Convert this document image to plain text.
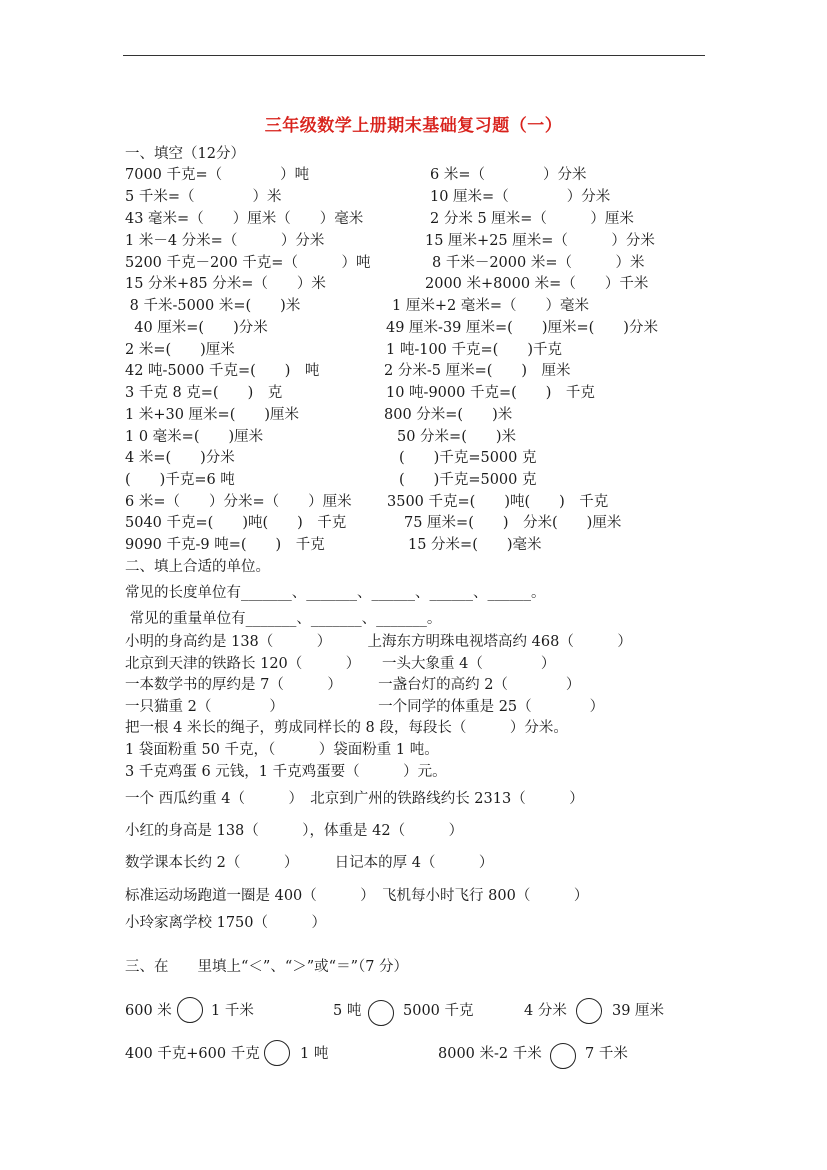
三年级数学上册期末基础复习题（一）
一、填空（12分）
7000 千克=（　　　　）吨	6 米=（　　　　）分米
5 千米=（　　　　）米	10 厘米=（　　　　）分米
43 毫米=（　　）厘米（　　）毫米	2 分米 5 厘米=（　　　）厘米
1 米－4 分米=（　　　）分米	15 厘米+25 厘米=（　　　）分米
5200 千克－200 千克=（　　　）吨	8 千米－2000 米=（　　　）米
15 分米+85 分米=（　　）米	2000 米+8000 米=（　　）千米
8 千米-5000 米=(　　)米	1 厘米+2 毫米=（　　）毫米
40 厘米=(　　)分米	49 厘米-39 厘米=(　　)厘米=(　　)分米
2 米=(　　)厘米	1 吨-100 千克=(　　)千克
42 吨-5000 千克=(　　)　吨	2 分米-5 厘米=(　　)　厘米
3 千克 8 克=(　　)　克	10 吨-9000 千克=(　　)　千克
1 米+30 厘米=(　　)厘米	800 分米=(　　)米
1 0 毫米=(　　)厘米	50 分米=(　　)米
4 米=(　　)分米	(　　)千克=5000 克
(　　)千克=6 吨	(　　)千克=5000 克
6 米=（　　）分米=（　　）厘米 3500 千克=(　　)吨(　　)　千克
5040 千克=(　　)吨(　　)　千克	75 厘米=(　　)　分米(　　)厘米
9090 千克-9 吨=(　　)　千克	15 分米=(　　)毫米
二、填上合适的单位。
常见的长度单位有_______、_______、______、______、______。
常见的重量单位有_______、_______、_______。
小明的身高约是 138（　　　）　　　上海东方明珠电视塔高约 468（　　　）
北京到天津的铁路长 120（　　　）　　一头大象重 4（　　　　）
一本数学书的厚约是 7（　　　）　　　一盏台灯的高约 2（　　　　）
一只猫重 2（　　　　）　　　　　　　一个同学的体重是 25（　　　　）
把一根 4 米长的绳子，剪成同样长的 8 段，每段长（　　　）分米。
1 袋面粉重 50 千克，（　　　）袋面粉重 1 吨。
3 千克鸡蛋 6 元钱，1 千克鸡蛋要（　　　）元。
一个 西瓜约重 4（　　　）　北京到广州的铁路线约长 2313（　　　）
小红的身高是 138（　　　），体重是 42（　　　）
数学课本长约 2（　　　）　　　日记本的厚 4（　　　）
标准运动场跑道一圈是 400（　　　）　飞机每小时飞行 800（　　　）
小玲家离学校 1750（　　　）
三、在　　里填上“＜”、“＞”或“＝”（7 分）
600 米	1 千米	5 吨	5000 千克	4 分米	39 厘米
400 千克+600 千克	1 吨	8000 米-2 千米	7 千米
